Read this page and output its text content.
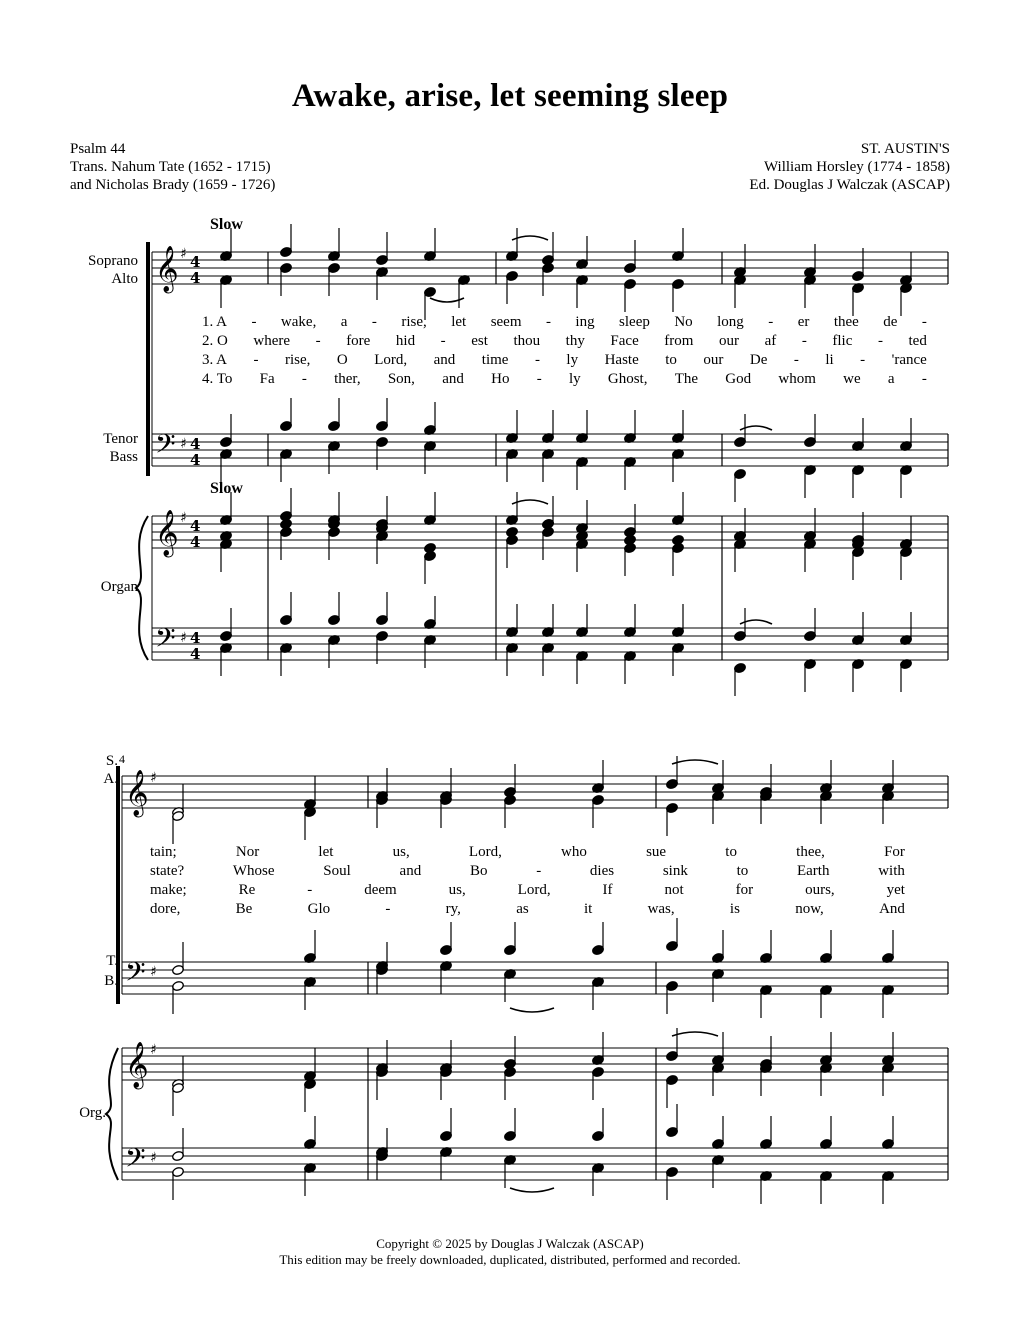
Awake, arise, let seeming sleep
Psalm 44
Trans. Nahum Tate (1652 - 1715)
and Nicholas Brady (1659 - 1726)
ST. AUSTIN'S
William Horsley (1774 - 1858)
Ed. Douglas J Walczak (ASCAP)
Soprano
Alto
Tenor
Bass
Organ
Slow
Slow
4
S.
A.
T.
B.
Org.
1. A - wake, a - rise, let seem - ing sleep No long - er thee de -
2. O where - fore hid - est thou thy Face from our af - flic - ted
3. A - rise, O Lord, and time - ly Haste to our De - li - 'rance
4. To Fa - ther, Son, and Ho - ly Ghost, The God whom we a -
tain;	Nor	let	us,	Lord,	who	sue	to	thee,	For
state?	Whose	Soul	and	Bo	-	dies	sink	to	Earth	with
make;	Re	-	deem	us,	Lord,	If	not	for	ours,	yet
dore,	Be	Glo	-	ry,	as	it	was,	is	now,	And
𝄞
𝄞
𝄢
𝄢
♯
♯
♯
♯
4
4
4
4
4
4
4
4
𝄞
𝄞
𝄢
𝄢
♯
♯
♯
♯
Copyright © 2025 by Douglas J Walczak (ASCAP)
This edition may be freely downloaded, duplicated, distributed, performed and recorded.
